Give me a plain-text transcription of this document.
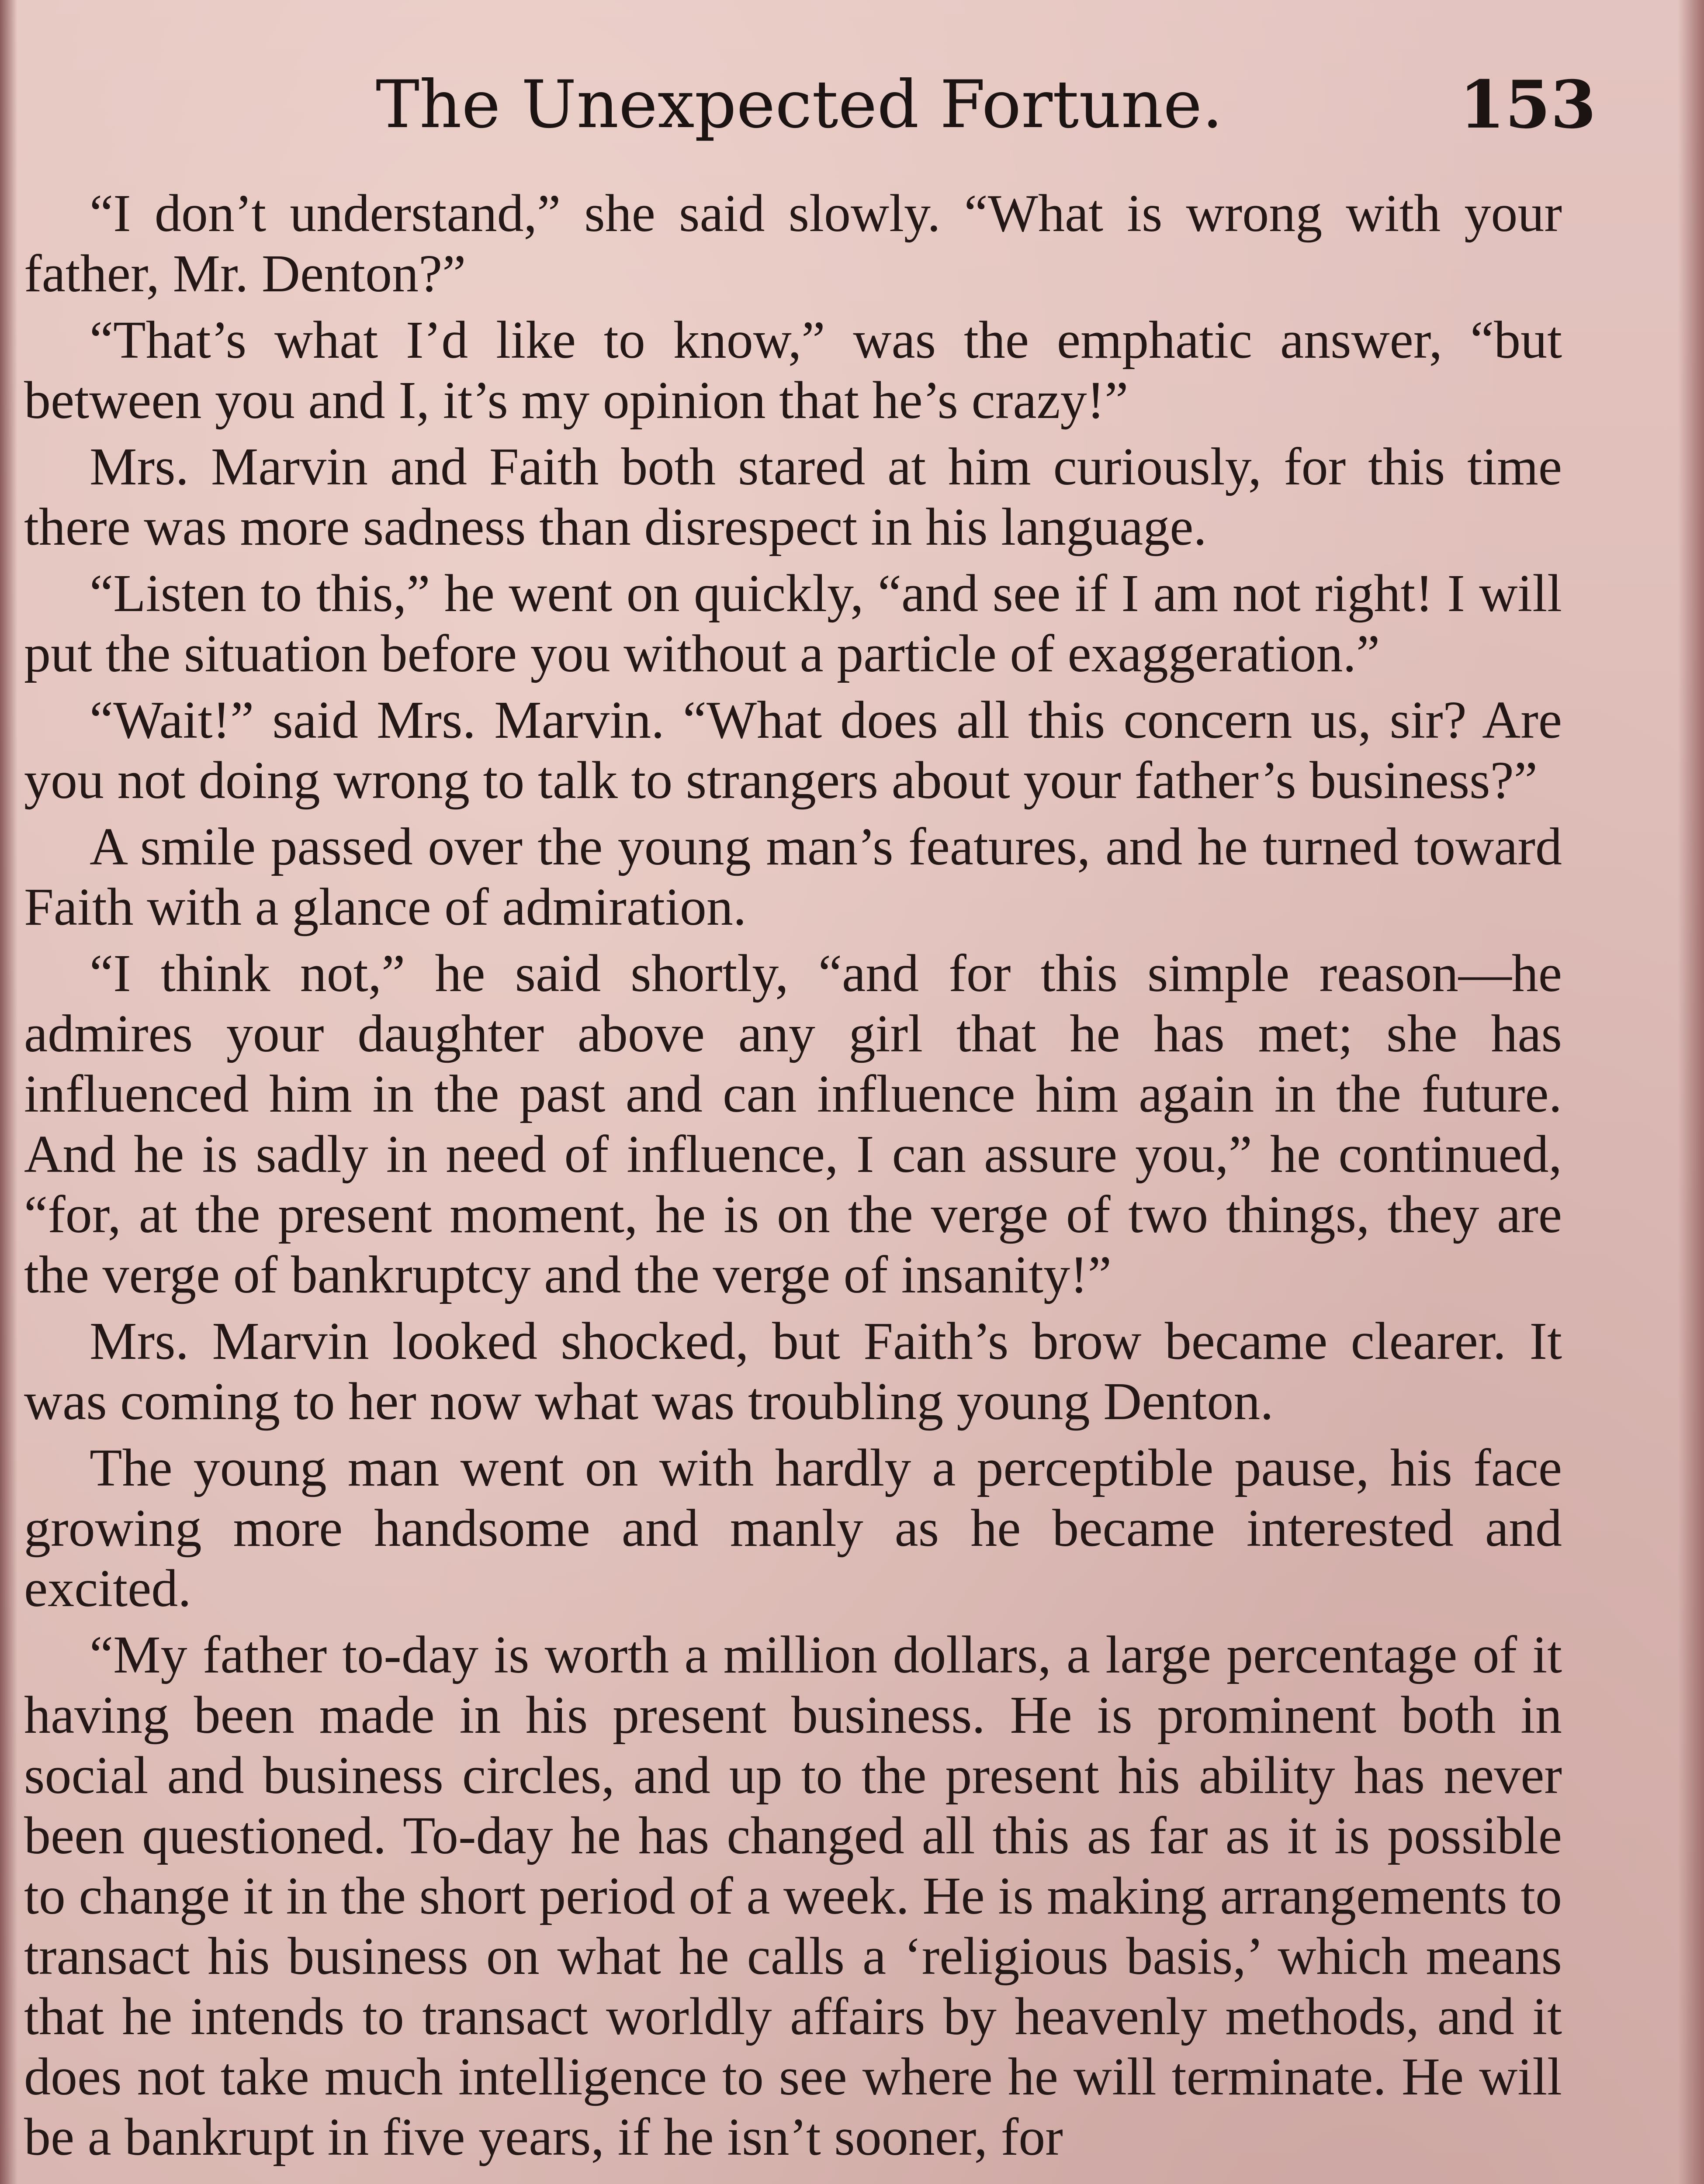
The Unexpected Fortune.	153

“I don’t understand,” she said slowly. “What is wrong with your father, Mr. Denton?”

“That’s what I’d like to know,” was the emphatic answer, “but between you and I, it’s my opinion that he’s crazy!”

Mrs. Marvin and Faith both stared at him curiously, for this time there was more sadness than disrespect in his language.

“Listen to this,” he went on quickly, “and see if I am not right! I will put the situation before you without a particle of exaggeration.”

“Wait!” said Mrs. Marvin. “What does all this concern us, sir? Are you not doing wrong to talk to strangers about your father’s business?”

A smile passed over the young man’s features, and he turned toward Faith with a glance of admiration.

“I think not,” he said shortly, “and for this simple reason—he admires your daughter above any girl that he has met; she has influenced him in the past and can influence him again in the future. And he is sadly in need of influence, I can assure you,” he continued, “for, at the present moment, he is on the verge of two things, they are the verge of bankruptcy and the verge of insanity!”

Mrs. Marvin looked shocked, but Faith’s brow became clearer. It was coming to her now what was troubling young Denton.

The young man went on with hardly a perceptible pause, his face growing more handsome and manly as he became interested and excited.

“My father to-day is worth a million dollars, a large percentage of it having been made in his present business. He is prominent both in social and business circles, and up to the present his ability has never been questioned. To-day he has changed all this as far as it is possible to change it in the short period of a week. He is making arrangements to transact his business on what he calls a ‘religious basis,’ which means that he intends to transact worldly affairs by heavenly methods, and it does not take much intelligence to see where he will terminate. He will be a bankrupt in five years, if he isn’t sooner, for
